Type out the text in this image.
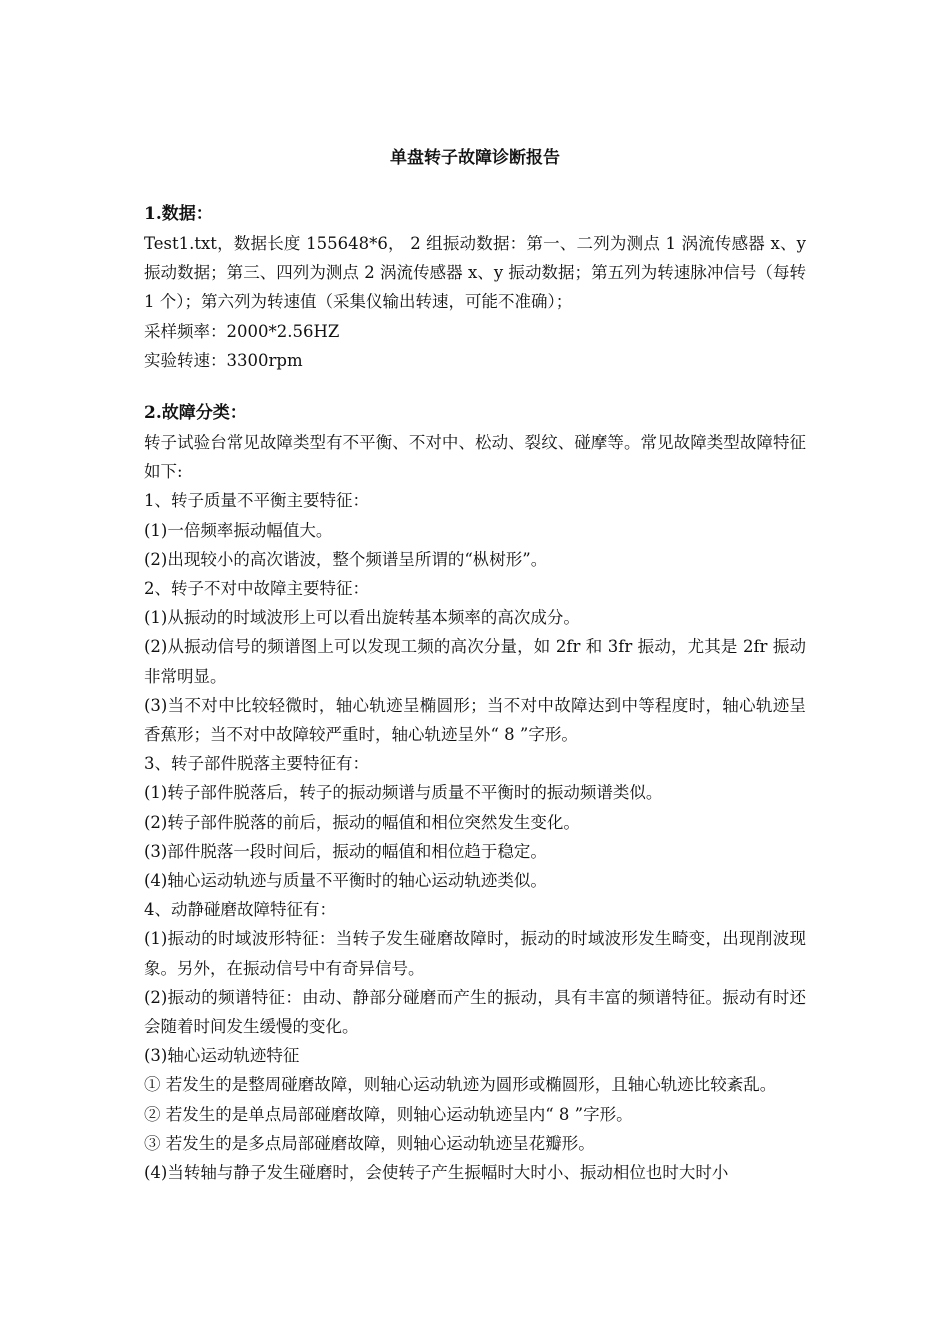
单盘转子故障诊断报告
1.数据：

Test1.txt，数据长度 155648*6， 2 组振动数据：第一、二列为测点 1 涡流传感器 x、y 振动数据；第三、四列为测点 2 涡流传感器 x、y 振动数据；第五列为转速脉冲信号（每转 1 个）；第六列为转速值（采集仪输出转速，可能不准确）；

采样频率：2000*2.56HZ

实验转速：3300rpm

2.故障分类：

转子试验台常见故障类型有不平衡、不对中、松动、裂纹、碰摩等。常见故障类型故障特征如下:

1、转子质量不平衡主要特征：

(1)一倍频率振动幅值大。

(2)出现较小的高次谐波，整个频谱呈所谓的“枞树形”。

2、转子不对中故障主要特征：

(1)从振动的时域波形上可以看出旋转基本频率的高次成分。

(2)从振动信号的频谱图上可以发现工频的高次分量，如 2fr 和 3fr 振动，尤其是 2fr 振动非常明显。

(3)当不对中比较轻微时，轴心轨迹呈椭圆形；当不对中故障达到中等程度时，轴心轨迹呈香蕉形；当不对中故障较严重时，轴心轨迹呈外“ 8 ”字形。

3、转子部件脱落主要特征有：

(1)转子部件脱落后，转子的振动频谱与质量不平衡时的振动频谱类似。

(2)转子部件脱落的前后，振动的幅值和相位突然发生变化。

(3)部件脱落一段时间后，振动的幅值和相位趋于稳定。

(4)轴心运动轨迹与质量不平衡时的轴心运动轨迹类似。

4、动静碰磨故障特征有：

(1)振动的时域波形特征：当转子发生碰磨故障时，振动的时域波形发生畸变，出现削波现象。另外，在振动信号中有奇异信号。

(2)振动的频谱特征：由动、静部分碰磨而产生的振动，具有丰富的频谱特征。振动有时还会随着时间发生缓慢的变化。

(3)轴心运动轨迹特征

① 若发生的是整周碰磨故障，则轴心运动轨迹为圆形或椭圆形，且轴心轨迹比较紊乱。

② 若发生的是单点局部碰磨故障，则轴心运动轨迹呈内“ 8 ”字形。

③ 若发生的是多点局部碰磨故障，则轴心运动轨迹呈花瓣形。

(4)当转轴与静子发生碰磨时，会使转子产生振幅时大时小、振动相位也时大时小
